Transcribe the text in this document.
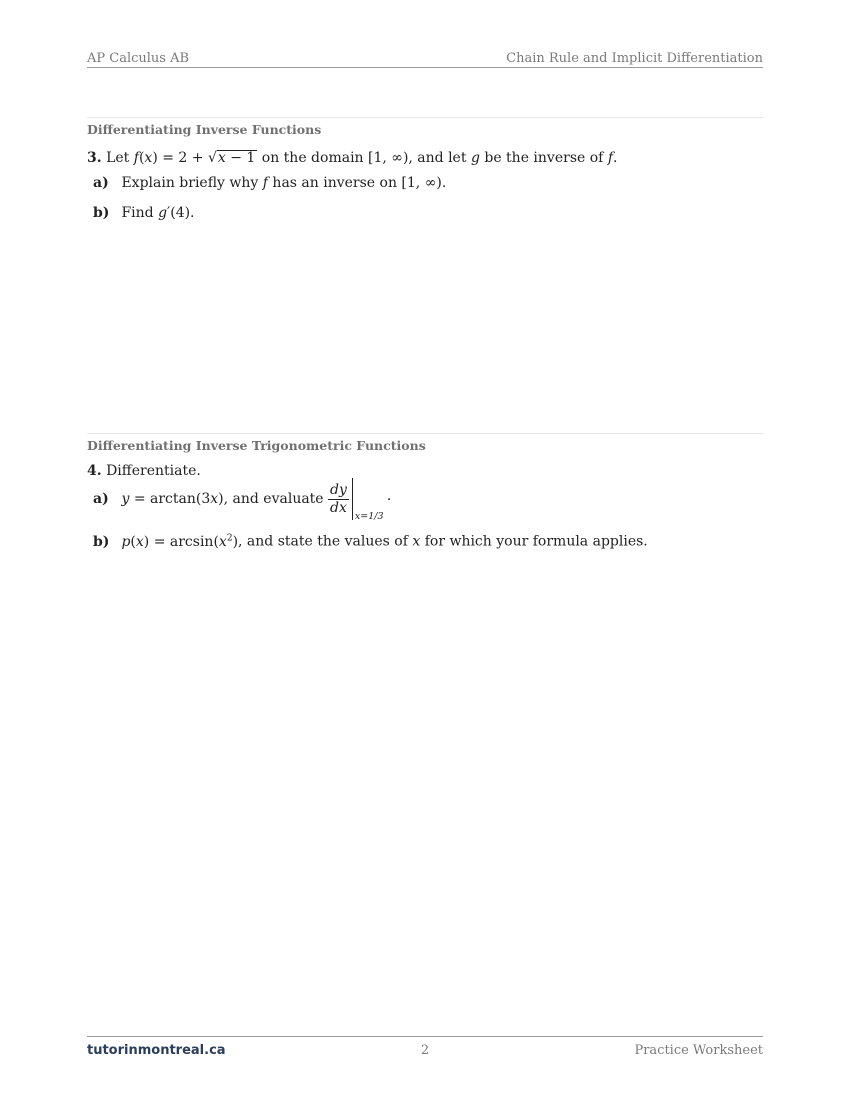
AP Calculus AB	Chain Rule and Implicit Differentiation
Differentiating Inverse Functions
3. Let f(x) = 2 + √x − 1 on the domain [1, ∞), and let g be the inverse of f.
a) Explain briefly why f has an inverse on [1, ∞).
b) Find g′(4).
Differentiating Inverse Trigonometric Functions
4. Differentiate.
a) y = arctan(3x), and evaluate $\frac{dy}{dx}$
x=1/3
.
b) $p(x) = \arcsin(x^2)$, and state the values of x for which your formula applies.
tutorinmontreal.ca	2	Practice Worksheet
